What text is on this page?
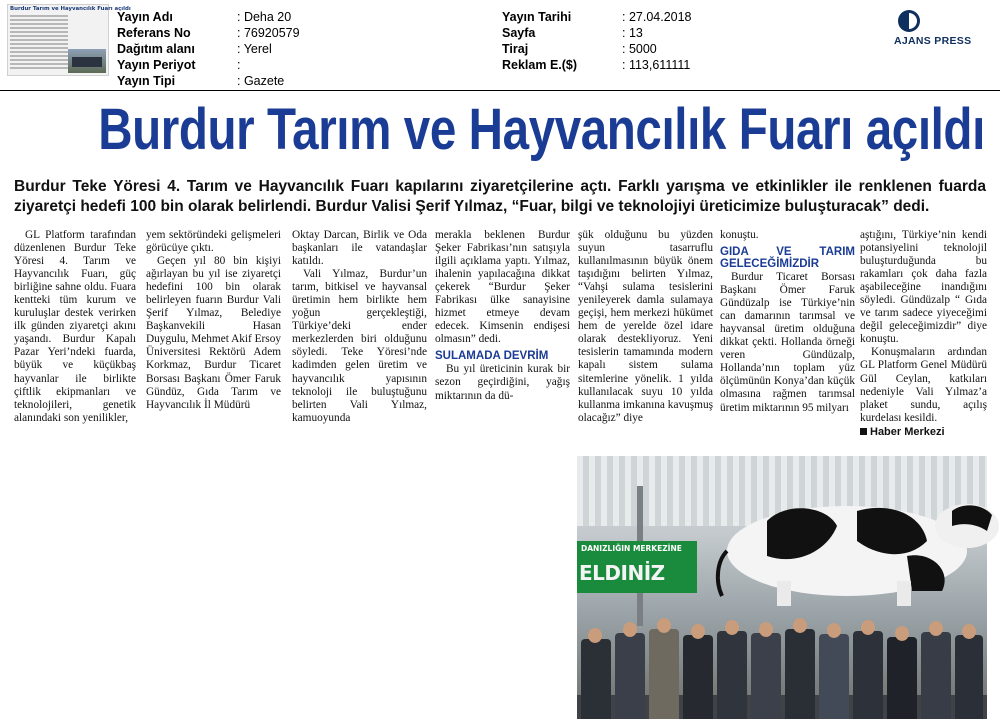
Burdur Tarım ve Hayvancılık Fuarı açıldı
Yayın Adı	: Deha 20
Referans No	: 76920579
Dağıtım alanı	: Yerel
Yayın Periyot	:
Yayın Tipi	: Gazete
Yayın Tarihi	: 27.04.2018
Sayfa	: 13
Tiraj	: 5000
Reklam E.($)	: 113,611111
AJANS PRESS
Burdur Tarım ve Hayvancılık Fuarı açıldı
Burdur Teke Yöresi 4. Tarım ve Hayvancılık Fuarı kapılarını ziyaretçilerine açtı. Farklı yarışma ve etkinlikler ile renklenen fuarda ziyaretçi hedefi 100 bin olarak belirlendi. Burdur Valisi Şerif Yılmaz, “Fuar, bilgi ve teknolojiyi üreticimize buluşturacak” dedi.

GL Platform tarafından düzenlenen Burdur Teke Yöresi 4. Tarım ve Hayvancılık Fuarı, güç birliğine sahne oldu. Fuara kentteki tüm kurum ve kuruluşlar destek verirken ilk günden ziyaretçi akını yaşandı. Burdur Kapalı Pazar Yeri’ndeki fuarda, büyük ve küçükbaş hayvanlar ile birlikte çiftlik ekipmanları ve teknolojileri, genetik alanındaki son yenilikler,

yem sektöründeki gelişmeleri görücüye çıktı.

Geçen yıl 80 bin kişiyi ağırlayan bu yıl ise ziyaretçi hedefini 100 bin olarak belirleyen fuarın Burdur Vali Şerif Yılmaz, Belediye Başkanvekili Hasan Duygulu, Mehmet Akif Ersoy Üniversitesi Rektörü Adem Korkmaz, Burdur Ticaret Borsası Başkanı Ömer Faruk Gündüz, Gıda Tarım ve Hayvancılık İl Müdürü

Oktay Darcan, Birlik ve Oda başkanları ile vatandaşlar katıldı.

Vali Yılmaz, Burdur’un tarım, bitkisel ve hayvansal üretimin hem birlikte hem yoğun gerçekleştiği, Türkiye’deki ender merkezlerden biri olduğunu söyledi. Teke Yöresi’nde kadimden gelen üretim ve hayvancılık yapısının teknoloji ile buluştuğunu belirten Vali Yılmaz, kamuoyunda

merakla beklenen Burdur Şeker Fabrikası’nın satışıyla ilgili açıklama yaptı. Yılmaz, ihalenin yapılacağına dikkat çekerek “Burdur Şeker Fabrikası ülke sanayisine hizmet etmeye devam edecek. Kimsenin endişesi olmasın” dedi.

SULAMADA DEVRİM

Bu yıl üreticinin kurak bir sezon geçirdiğini, yağış miktarının da dü-

şük olduğunu bu yüzden suyun tasarruflu kullanılmasının büyük önem taşıdığını belirten Yılmaz, “Vahşi sulama tesislerini yenileyerek damla sulamaya geçişi, hem merkezi hükümet hem de yerelde özel idare olarak destekliyoruz. Yeni tesislerin tamamında modern kapalı sistem sulama sitemlerine yönelik. 1 yılda kullanılacak suyu 10 yılda kullanma imkanına kavuşmuş olacağız” diye

konuştu.

GIDA VE TARIM GELECEĞİMİZDİR

Burdur Ticaret Borsası Başkanı Ömer Faruk Gündüzalp ise Türkiye’nin can damarının tarımsal ve hayvansal üretim olduğuna dikkat çekti. Hollanda örneği veren Gündüzalp, Hollanda’nın toplam yüz ölçümünün Konya’dan küçük olmasına rağmen tarımsal üretim miktarının 95 milyarı

aştığını, Türkiye’nin kendi potansiyelini teknolojil buluşturduğunda bu rakamları çok daha fazla aşabileceğine inandığını söyledi. Gündüzalp “ Gıda ve tarım sadece yiyeceğimi değil geleceğimizdir” diye konuştu.

Konuşmaların ardından GL Platform Genel Müdürü Gül Ceylan, katkıları nedeniyle Vali Yılmaz’a plaket sundu, açılış kurdelası kesildi.

Haber Merkezi

DANIZLIĞIN MERKEZİNE
ELDINİZ
